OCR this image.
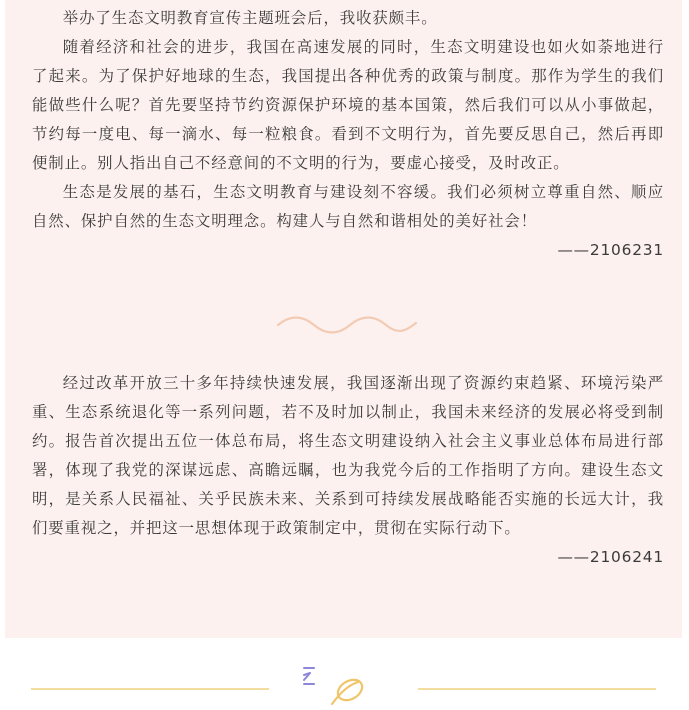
举办了生态文明教育宣传主题班会后，我收获颇丰。

随着经济和社会的进步，我国在高速发展的同时，生态文明建设也如火如荼地进行了起来。为了保护好地球的生态，我国提出各种优秀的政策与制度。那作为学生的我们能做些什么呢？首先要坚持节约资源保护环境的基本国策，然后我们可以从小事做起，节约每一度电、每一滴水、每一粒粮食。看到不文明行为，首先要反思自己，然后再即便制止。别人指出自己不经意间的不文明的行为，要虚心接受，及时改正。

生态是发展的基石，生态文明教育与建设刻不容缓。我们必须树立尊重自然、顺应自然、保护自然的生态文明理念。构建人与自然和谐相处的美好社会！

——2106231

经过改革开放三十多年持续快速发展，我国逐渐出现了资源约束趋紧、环境污染严重、生态系统退化等一系列问题，若不及时加以制止，我国未来经济的发展必将受到制约。报告首次提出五位一体总布局，将生态文明建设纳入社会主义事业总体布局进行部署，体现了我党的深谋远虑、高瞻远瞩，也为我党今后的工作指明了方向。建设生态文明，是关系人民福祉、关乎民族未来、关系到可持续发展战略能否实施的长远大计，我们要重视之，并把这一思想体现于政策制定中，贯彻在实际行动下。

——2106241
